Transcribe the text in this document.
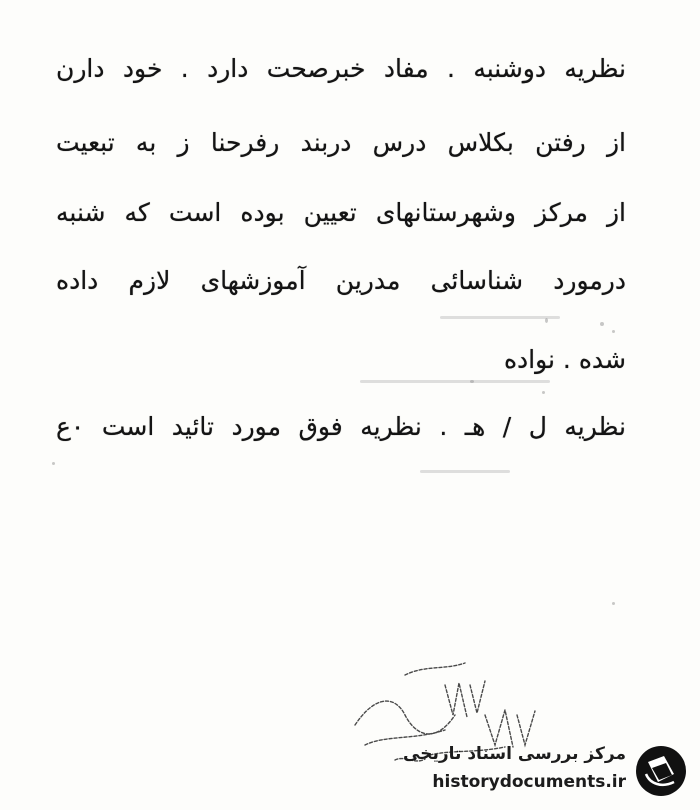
نظریه دوشنبه . مفاد خبرصحت دارد . خود دارن
از رفتن بکلاس درس دربند رفرحنا ز به تبعیت
از مرکز وشهرستانهای تعیین بوده است که شنبه
درمورد شناسائی مدرین آموزشهای لازم داده
شده . نواده
نظریه ل / هـ . نظریه فوق مورد تائید است ۰ع
مرکز بررسی اسناد تاریخی
historydocuments.ir
